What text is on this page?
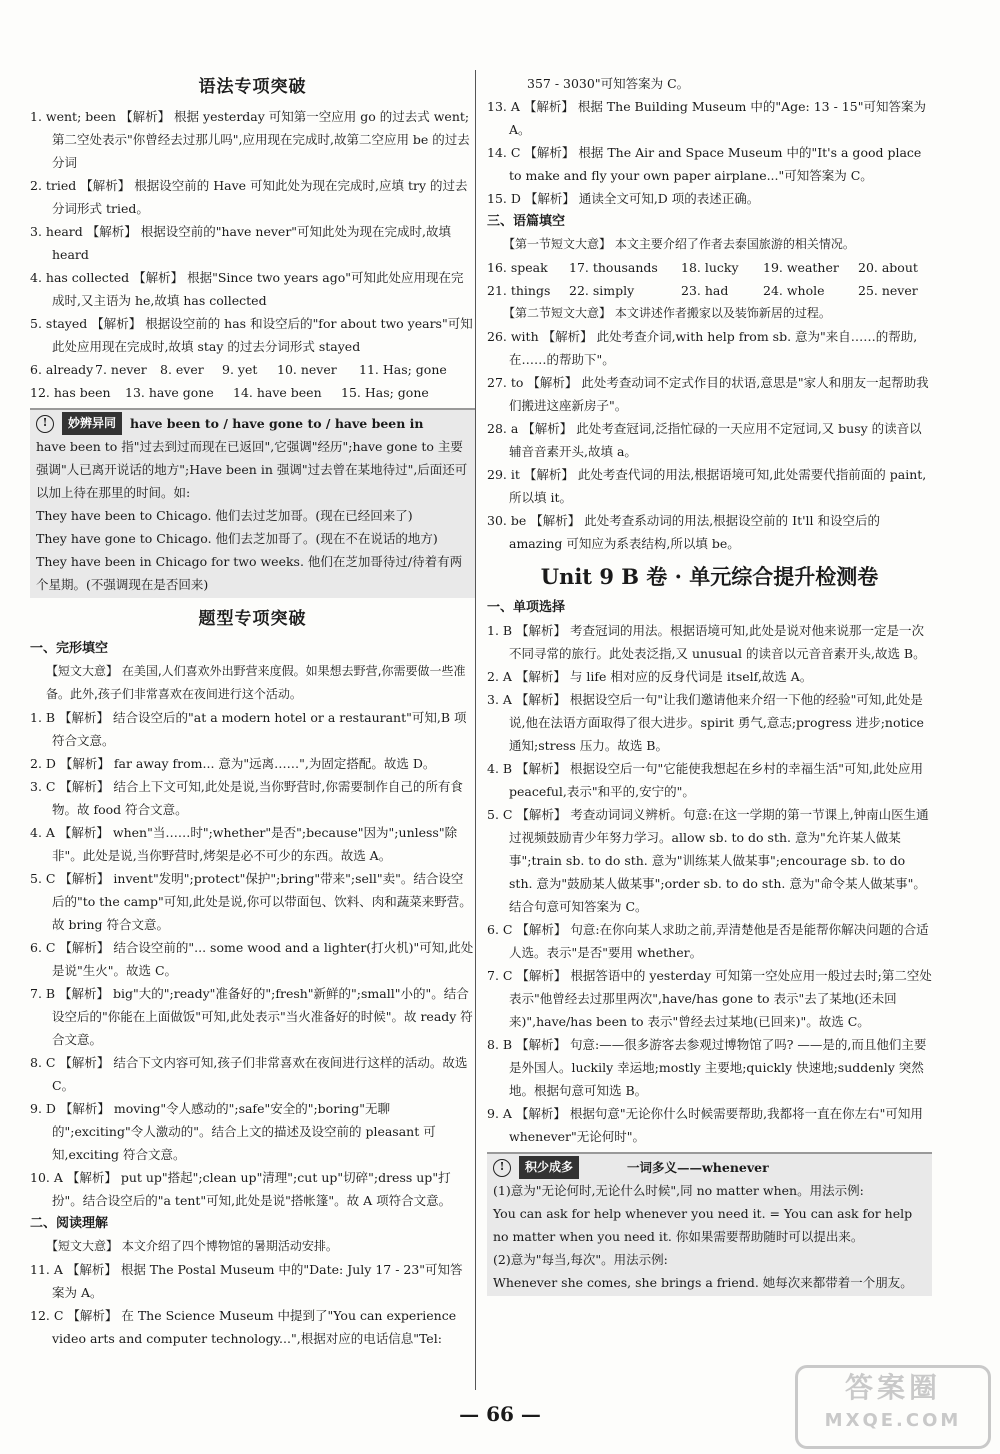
语法专项突破

1. went; been 【解析】 根据 yesterday 可知第一空应用 go 的过去式 went;第二空处表示"你曾经去过那儿吗",应用现在完成时,故第二空应用 be 的过去分词

2. tried 【解析】 根据设空前的 Have 可知此处为现在完成时,应填 try 的过去分词形式 tried。

3. heard 【解析】 根据设空前的"have never"可知此处为现在完成时,故填 heard

4. has collected 【解析】 根据"Since two years ago"可知此处应用现在完成时,又主语为 he,故填 has collected

5. stayed 【解析】 根据设空前的 has 和设空后的"for about two years"可知此处应用现在完成时,故填 stay 的过去分词形式 stayed

6. already 7. never	8. ever	9. yet	10. never	11. Has; gone
12. has been	13. have gone	14. have been	15. Has; gone
!	妙辨异同	have been to / have gone to / have been in

have been to 指"过去到过而现在已返回",它强调"经历";have gone to 主要强调"人已离开说话的地方";Have been in 强调"过去曾在某地待过",后面还可以加上待在那里的时间。如:

They have been to Chicago. 他们去过芝加哥。(现在已经回来了)

They have gone to Chicago. 他们去芝加哥了。(现在不在说话的地方)

They have been in Chicago for two weeks. 他们在芝加哥待过/待着有两个星期。(不强调现在是否回来)

题型专项突破
一、完形填空

【短文大意】 在美国,人们喜欢外出野营来度假。如果想去野营,你需要做一些准备。此外,孩子们非常喜欢在夜间进行这个活动。

1. B 【解析】 结合设空后的"at a modern hotel or a restaurant"可知,B 项符合文意。

2. D 【解析】 far away from... 意为"远离……",为固定搭配。故选 D。

3. C 【解析】 结合上下文可知,此处是说,当你野营时,你需要制作自己的所有食物。故 food 符合文意。

4. A 【解析】 when"当……时";whether"是否";because"因为";unless"除非"。此处是说,当你野营时,烤架是必不可少的东西。故选 A。

5. C 【解析】 invent"发明";protect"保护";bring"带来";sell"卖"。结合设空后的"to the camp"可知,此处是说,你可以带面包、饮料、肉和蔬菜来野营。故 bring 符合文意。

6. C 【解析】 结合设空前的"... some wood and a lighter(打火机)"可知,此处是说"生火"。故选 C。

7. B 【解析】 big"大的";ready"准备好的";fresh"新鲜的";small"小的"。结合设空后的"你能在上面做饭"可知,此处表示"当火准备好的时候"。故 ready 符合文意。

8. C 【解析】 结合下文内容可知,孩子们非常喜欢在夜间进行这样的活动。故选 C。

9. D 【解析】 moving"令人感动的";safe"安全的";boring"无聊的";exciting"令人激动的"。结合上文的描述及设空前的 pleasant 可知,exciting 符合文意。

10. A 【解析】 put up"搭起";clean up"清理";cut up"切碎";dress up"打扮"。结合设空后的"a tent"可知,此处是说"搭帐篷"。故 A 项符合文意。

二、阅读理解

【短文大意】 本文介绍了四个博物馆的暑期活动安排。

11. A 【解析】 根据 The Postal Museum 中的"Date: July 17 - 23"可知答案为 A。

12. C 【解析】 在 The Science Museum 中提到了"You can experience video arts and computer technology...",根据对应的电话信息"Tel:

357 - 3030"可知答案为 C。

13. A 【解析】 根据 The Building Museum 中的"Age: 13 - 15"可知答案为 A。

14. C 【解析】 根据 The Air and Space Museum 中的"It's a good place to make and fly your own paper airplane..."可知答案为 C。

15. D 【解析】 通读全文可知,D 项的表述正确。

三、语篇填空

【第一节短文大意】 本文主要介绍了作者去泰国旅游的相关情况。

16. speak	17. thousands	18. lucky	19. weather	20. about
21. things	22. simply	23. had	24. whole	25. never

【第二节短文大意】 本文讲述作者搬家以及装饰新居的过程。

26. with 【解析】 此处考查介词,with help from sb. 意为"来自……的帮助,在……的帮助下"。

27. to 【解析】 此处考查动词不定式作目的状语,意思是"家人和朋友一起帮助我们搬进这座新房子"。

28. a 【解析】 此处考查冠词,泛指忙碌的一天应用不定冠词,又 busy 的读音以辅音音素开头,故填 a。

29. it 【解析】 此处考查代词的用法,根据语境可知,此处需要代指前面的 paint,所以填 it。

30. be 【解析】 此处考查系动词的用法,根据设空前的 It'll 和设空后的 amazing 可知应为系表结构,所以填 be。

Unit 9 B 卷 · 单元综合提升检测卷
一、单项选择

1. B 【解析】 考查冠词的用法。根据语境可知,此处是说对他来说那一定是一次不同寻常的旅行。此处表泛指,又 unusual 的读音以元音音素开头,故选 B。

2. A 【解析】 与 life 相对应的反身代词是 itself,故选 A。

3. A 【解析】 根据设空后一句"让我们邀请他来介绍一下他的经验"可知,此处是说,他在法语方面取得了很大进步。spirit 勇气,意志;progress 进步;notice 通知;stress 压力。故选 B。

4. B 【解析】 根据设空后一句"它能使我想起在乡村的幸福生活"可知,此处应用 peaceful,表示"和平的,安宁的"。

5. C 【解析】 考查动词词义辨析。句意:在这一学期的第一节课上,钟南山医生通过视频鼓励青少年努力学习。allow sb. to do sth. 意为"允许某人做某事";train sb. to do sth. 意为"训练某人做某事";encourage sb. to do sth. 意为"鼓励某人做某事";order sb. to do sth. 意为"命令某人做某事"。结合句意可知答案为 C。

6. C 【解析】 句意:在你向某人求助之前,弄清楚他是否是能帮你解决问题的合适人选。表示"是否"要用 whether。

7. C 【解析】 根据答语中的 yesterday 可知第一空处应用一般过去时;第二空处表示"他曾经去过那里两次",have/has gone to 表示"去了某地(还未回来)",have/has been to 表示"曾经去过某地(已回来)"。故选 C。

8. B 【解析】 句意:——很多游客去参观过博物馆了吗? ——是的,而且他们主要是外国人。luckily 幸运地;mostly 主要地;quickly 快速地;suddenly 突然地。根据句意可知选 B。

9. A 【解析】 根据句意"无论你什么时候需要帮助,我都将一直在你左右"可知用 whenever"无论何时"。

!	积少成多	一词多义——whenever

(1)意为"无论何时,无论什么时候",同 no matter when。用法示例:

You can ask for help whenever you need it. = You can ask for help no matter when you need it. 你如果需要帮助随时可以提出来。

(2)意为"每当,每次"。用法示例:

Whenever she comes, she brings a friend. 她每次来都带着一个朋友。

— 66 —
答案圈
MXQE.COM
